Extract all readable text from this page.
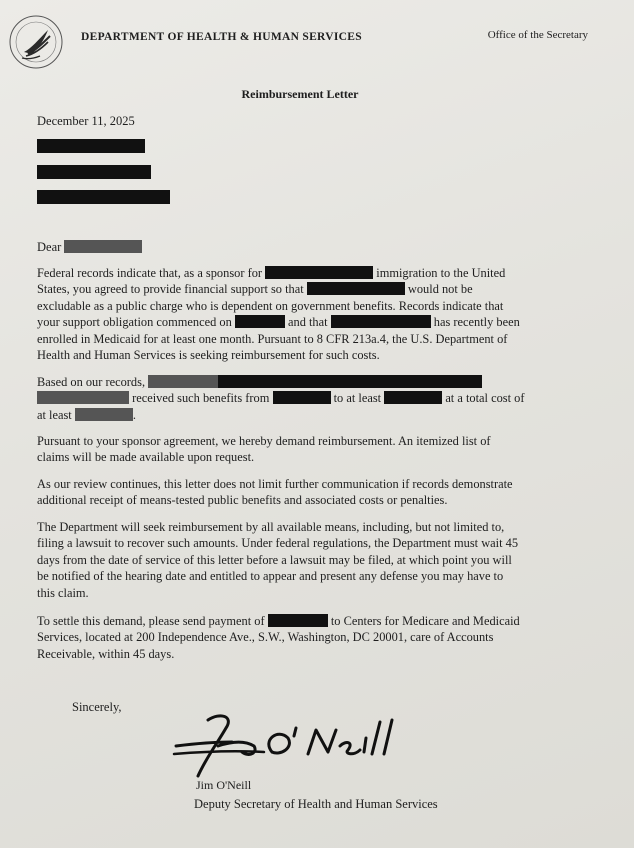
DEPARTMENT OF HEALTH & HUMAN SERVICES	Office of the Secretary
Reimbursement Letter
December 11, 2025
Dear
Federal records indicate that, as a sponsor for	immigration to the United
States, you agreed to provide financial support so that	would not be
excludable as a public charge who is dependent on government benefits. Records indicate that
your support obligation commenced on	and that	has recently been
enrolled in Medicaid for at least one month. Pursuant to 8 CFR 213a.4, the U.S. Department of
Health and Human Services is seeking reimbursement for such costs.
Based on our records,
received such benefits from	to at least	at a total cost of
at least	.
Pursuant to your sponsor agreement, we hereby demand reimbursement. An itemized list of
claims will be made available upon request.
As our review continues, this letter does not limit further communication if records demonstrate
additional receipt of means-tested public benefits and associated costs or penalties.
The Department will seek reimbursement by all available means, including, but not limited to,
filing a lawsuit to recover such amounts. Under federal regulations, the Department must wait 45
days from the date of service of this letter before a lawsuit may be filed, at which point you will
be notified of the hearing date and entitled to appear and present any defense you may have to
this claim.
To settle this demand, please send payment of	to Centers for Medicare and Medicaid
Services, located at 200 Independence Ave., S.W., Washington, DC 20001, care of Accounts
Receivable, within 45 days.
Sincerely,
Jim O'Neill
Deputy Secretary of Health and Human Services
